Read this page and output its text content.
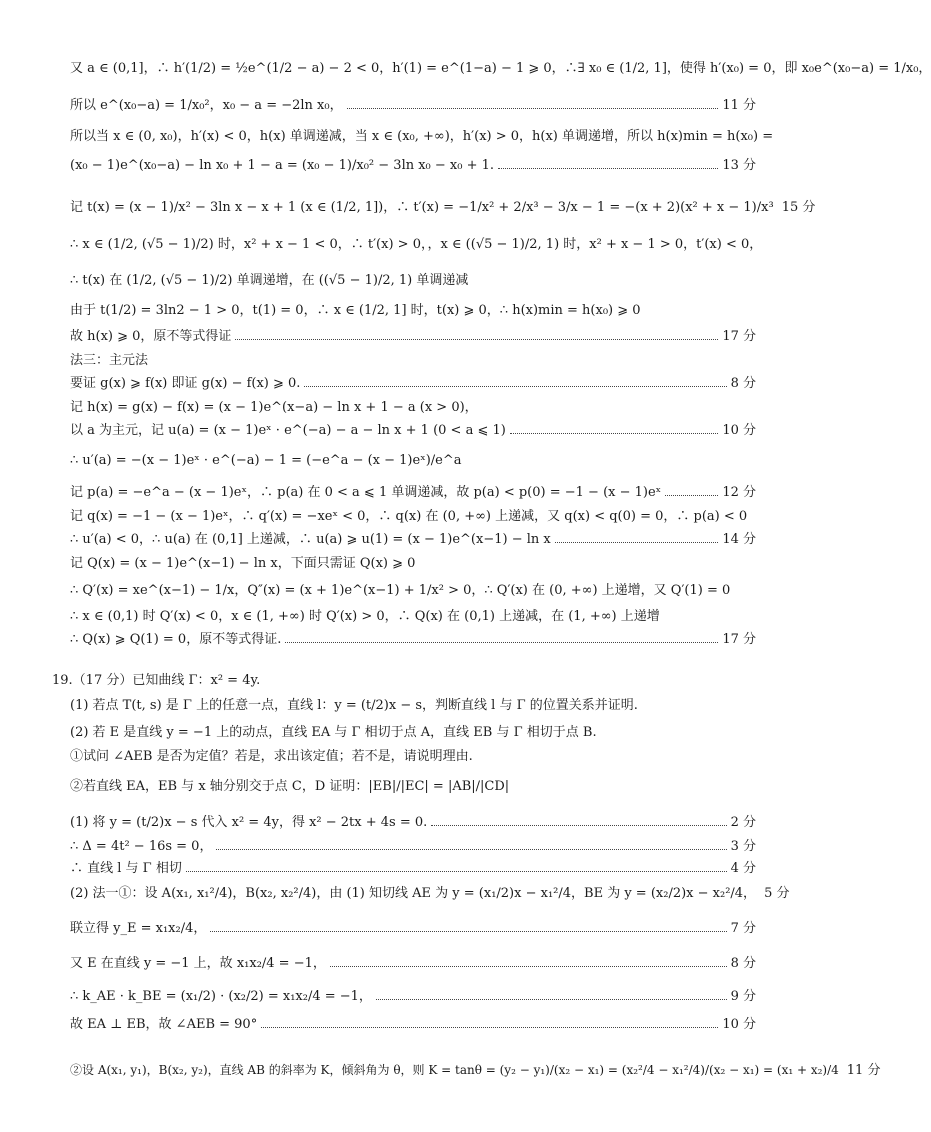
又 a ∈ (0,1]，∴ h′(1/2) = ½e^(1/2 − a) − 2 < 0，h′(1) = e^(1−a) − 1 ⩾ 0，∴∃ x₀ ∈ (1/2, 1]，使得 h′(x₀) = 0，即 x₀e^(x₀−a) = 1/x₀，
所以 e^(x₀−a) = 1/x₀²，x₀ − a = −2ln x₀，	11 分
所以当 x ∈ (0, x₀)，h′(x) < 0，h(x) 单调递减，当 x ∈ (x₀, +∞)，h′(x) > 0，h(x) 单调递增，所以 h(x)min = h(x₀) =
(x₀ − 1)e^(x₀−a) − ln x₀ + 1 − a = (x₀ − 1)/x₀² − 3ln x₀ − x₀ + 1.	13 分
记 t(x) = (x − 1)/x² − 3ln x − x + 1 (x ∈ (1/2, 1])，∴ t′(x) = −1/x² + 2/x³ − 3/x − 1 = −(x + 2)(x² + x − 1)/x³ 15 分
∴ x ∈ (1/2, (√5 − 1)/2) 时，x² + x − 1 < 0，∴ t′(x) > 0，，x ∈ ((√5 − 1)/2, 1) 时，x² + x − 1 > 0，t′(x) < 0，
∴ t(x) 在 (1/2, (√5 − 1)/2) 单调递增，在 ((√5 − 1)/2, 1) 单调递减
由于 t(1/2) = 3ln2 − 1 > 0，t(1) = 0，∴ x ∈ (1/2, 1] 时，t(x) ⩾ 0，∴ h(x)min = h(x₀) ⩾ 0
故 h(x) ⩾ 0，原不等式得证	17 分
法三：主元法
要证 g(x) ⩾ f(x) 即证 g(x) − f(x) ⩾ 0.	8 分
记 h(x) = g(x) − f(x) = (x − 1)e^(x−a) − ln x + 1 − a (x > 0)，
以 a 为主元，记 u(a) = (x − 1)eˣ · e^(−a) − a − ln x + 1 (0 < a ⩽ 1)	10 分
∴ u′(a) = −(x − 1)eˣ · e^(−a) − 1 = (−e^a − (x − 1)eˣ)/e^a
记 p(a) = −e^a − (x − 1)eˣ，∴ p(a) 在 0 < a ⩽ 1 单调递减，故 p(a) < p(0) = −1 − (x − 1)eˣ	12 分
记 q(x) = −1 − (x − 1)eˣ，∴ q′(x) = −xeˣ < 0，∴ q(x) 在 (0, +∞) 上递减，又 q(x) < q(0) = 0，∴ p(a) < 0
∴ u′(a) < 0，∴ u(a) 在 (0,1] 上递减，∴ u(a) ⩾ u(1) = (x − 1)e^(x−1) − ln x	14 分
记 Q(x) = (x − 1)e^(x−1) − ln x，下面只需证 Q(x) ⩾ 0
∴ Q′(x) = xe^(x−1) − 1/x，Q″(x) = (x + 1)e^(x−1) + 1/x² > 0，∴ Q′(x) 在 (0, +∞) 上递增，又 Q′(1) = 0
∴ x ∈ (0,1) 时 Q′(x) < 0，x ∈ (1, +∞) 时 Q′(x) > 0，∴ Q(x) 在 (0,1) 上递减，在 (1, +∞) 上递增
∴ Q(x) ⩾ Q(1) = 0，原不等式得证.	17 分
19.（17 分）已知曲线 Γ：x² = 4y.
(1) 若点 T(t, s) 是 Γ 上的任意一点，直线 l：y = (t/2)x − s，判断直线 l 与 Γ 的位置关系并证明.
(2) 若 E 是直线 y = −1 上的动点，直线 EA 与 Γ 相切于点 A，直线 EB 与 Γ 相切于点 B.
①试问 ∠AEB 是否为定值？若是，求出该定值；若不是，请说明理由.
②若直线 EA，EB 与 x 轴分别交于点 C，D 证明：|EB|/|EC| = |AB|/|CD|
(1) 将 y = (t/2)x − s 代入 x² = 4y，得 x² − 2tx + 4s = 0.	2 分
∴ Δ = 4t² − 16s = 0，	3 分
∴ 直线 l 与 Γ 相切	4 分
(2) 法一①：设 A(x₁, x₁²/4)，B(x₂, x₂²/4)，由 (1) 知切线 AE 为 y = (x₁/2)x − x₁²/4，BE 为 y = (x₂/2)x − x₂²/4， 5 分
联立得 y_E = x₁x₂/4，	7 分
又 E 在直线 y = −1 上，故 x₁x₂/4 = −1，	8 分
∴ k_AE · k_BE = (x₁/2) · (x₂/2) = x₁x₂/4 = −1，	9 分
故 EA ⊥ EB，故 ∠AEB = 90°	10 分
②设 A(x₁, y₁)，B(x₂, y₂)，直线 AB 的斜率为 K，倾斜角为 θ，则 K = tanθ = (y₂ − y₁)/(x₂ − x₁) = (x₂²/4 − x₁²/4)/(x₂ − x₁) = (x₁ + x₂)/4 11 分
